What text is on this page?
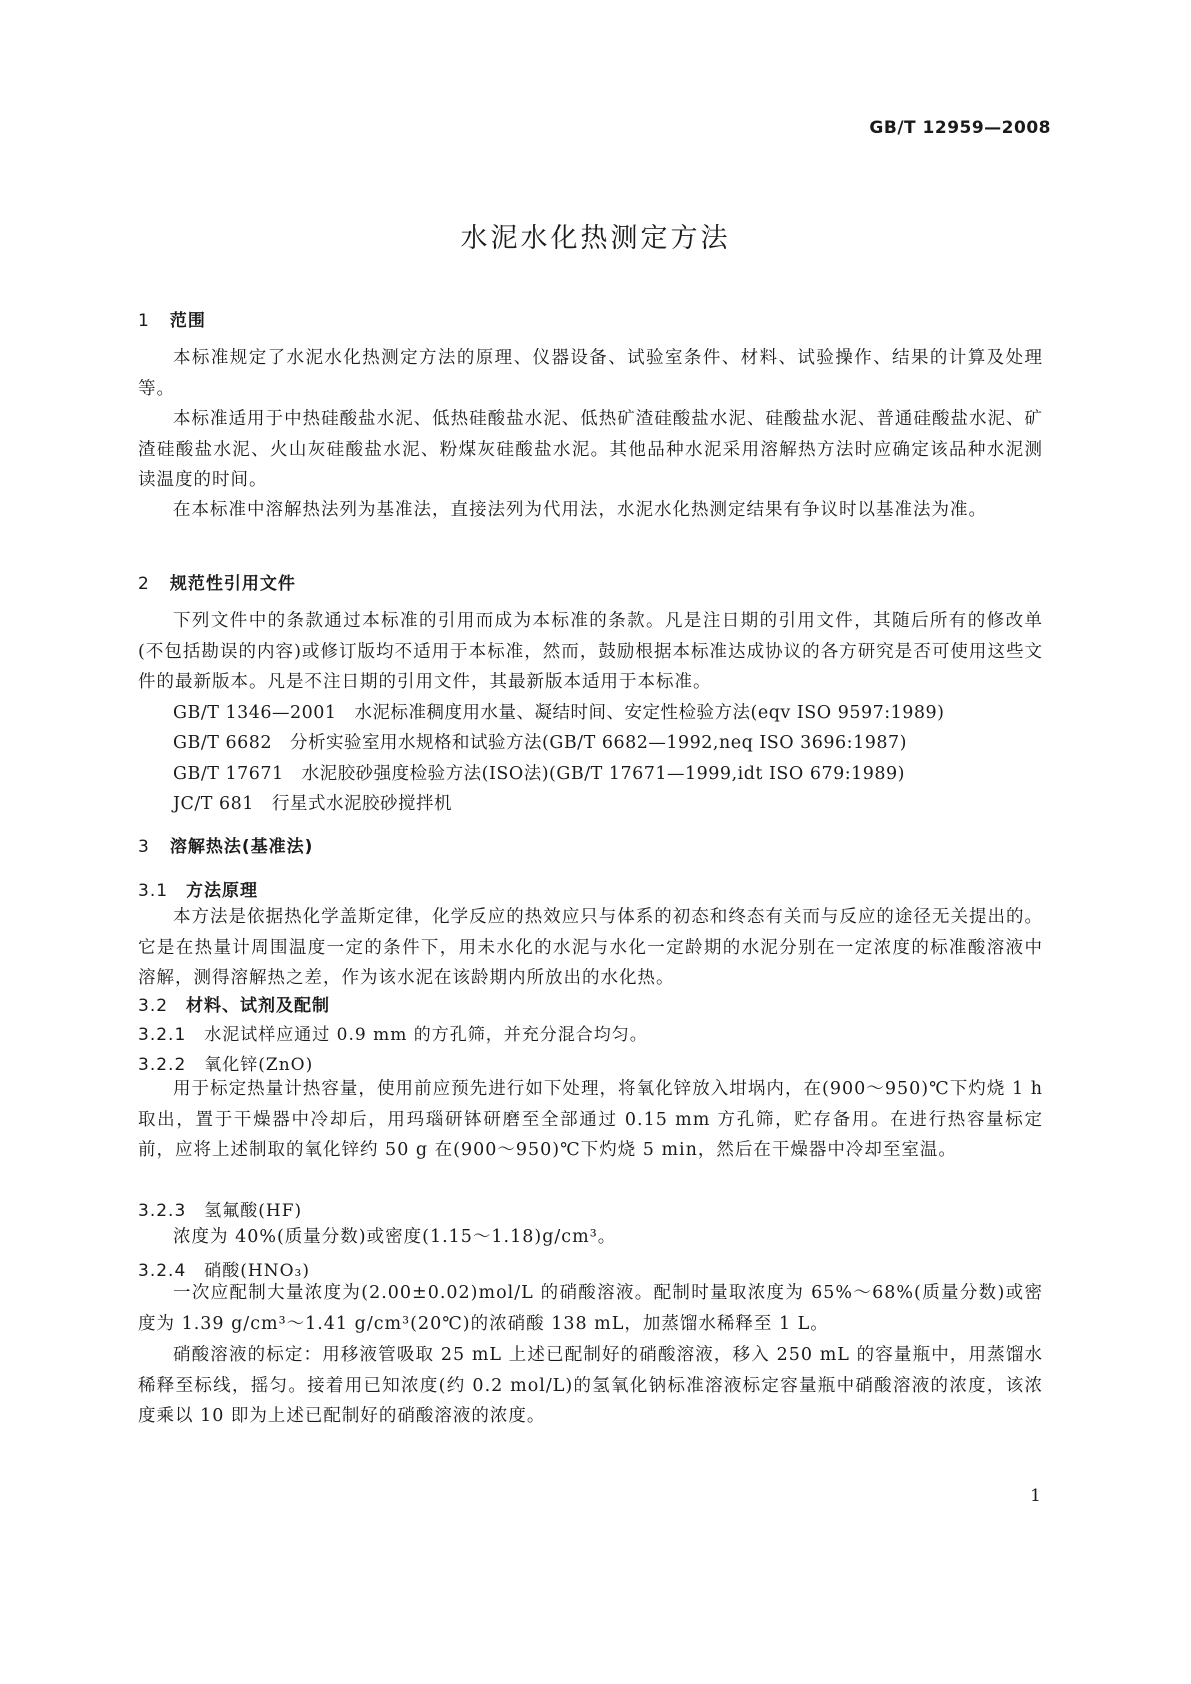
GB/T 12959—2008
水泥水化热测定方法
1 范围

本标准规定了水泥水化热测定方法的原理、仪器设备、试验室条件、材料、试验操作、结果的计算及处理等。

本标准适用于中热硅酸盐水泥、低热硅酸盐水泥、低热矿渣硅酸盐水泥、硅酸盐水泥、普通硅酸盐水泥、矿渣硅酸盐水泥、火山灰硅酸盐水泥、粉煤灰硅酸盐水泥。其他品种水泥采用溶解热方法时应确定该品种水泥测读温度的时间。

在本标准中溶解热法列为基准法，直接法列为代用法，水泥水化热测定结果有争议时以基准法为准。

2 规范性引用文件

下列文件中的条款通过本标准的引用而成为本标准的条款。凡是注日期的引用文件，其随后所有的修改单(不包括勘误的内容)或修订版均不适用于本标准，然而，鼓励根据本标准达成协议的各方研究是否可使用这些文件的最新版本。凡是不注日期的引用文件，其最新版本适用于本标准。

GB/T 1346—2001 水泥标准稠度用水量、凝结时间、安定性检验方法(eqv ISO 9597:1989)
GB/T 6682 分析实验室用水规格和试验方法(GB/T 6682—1992,neq ISO 3696:1987)
GB/T 17671 水泥胶砂强度检验方法(ISO法)(GB/T 17671—1999,idt ISO 679:1989)
JC/T 681 行星式水泥胶砂搅拌机
3 溶解热法(基准法)
3.1 方法原理

本方法是依据热化学盖斯定律，化学反应的热效应只与体系的初态和终态有关而与反应的途径无关提出的。它是在热量计周围温度一定的条件下，用未水化的水泥与水化一定龄期的水泥分别在一定浓度的标准酸溶液中溶解，测得溶解热之差，作为该水泥在该龄期内所放出的水化热。

3.2 材料、试剂及配制
3.2.1 水泥试样应通过 0.9 mm 的方孔筛，并充分混合均匀。
3.2.2 氧化锌(ZnO)

用于标定热量计热容量，使用前应预先进行如下处理，将氧化锌放入坩埚内，在(900～950)℃下灼烧 1 h 取出，置于干燥器中冷却后，用玛瑙研钵研磨至全部通过 0.15 mm 方孔筛，贮存备用。在进行热容量标定前，应将上述制取的氧化锌约 50 g 在(900～950)℃下灼烧 5 min，然后在干燥器中冷却至室温。

3.2.3 氢氟酸(HF)

浓度为 40%(质量分数)或密度(1.15～1.18)g/cm³。

3.2.4 硝酸(HNO₃)

一次应配制大量浓度为(2.00±0.02)mol/L 的硝酸溶液。配制时量取浓度为 65%～68%(质量分数)或密度为 1.39 g/cm³～1.41 g/cm³(20℃)的浓硝酸 138 mL，加蒸馏水稀释至 1 L。

硝酸溶液的标定：用移液管吸取 25 mL 上述已配制好的硝酸溶液，移入 250 mL 的容量瓶中，用蒸馏水稀释至标线，摇匀。接着用已知浓度(约 0.2 mol/L)的氢氧化钠标准溶液标定容量瓶中硝酸溶液的浓度，该浓度乘以 10 即为上述已配制好的硝酸溶液的浓度。

1
